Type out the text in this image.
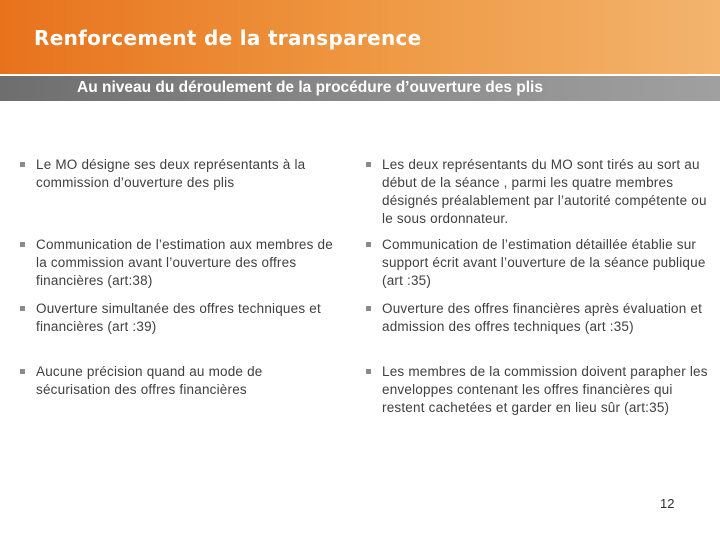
Renforcement de la transparence
Au niveau du déroulement de la procédure d’ouverture des plis
Le MO désigne ses deux représentants à la commission d’ouverture des plis
Communication de l’estimation aux membres de la commission avant l’ouverture des offres financières (art:38)
Ouverture simultanée des offres techniques et financières (art :39)
Aucune précision quand au mode de sécurisation des offres financières
Les deux représentants du MO sont tirés au sort au début de la séance , parmi les quatre membres désignés préalablement par l’autorité compétente ou le sous ordonnateur.
Communication de l’estimation détaillée établie sur support écrit avant l’ouverture de la séance publique (art :35)
Ouverture des offres financières après évaluation et admission des offres techniques (art :35)
Les membres de la commission doivent parapher les enveloppes contenant les offres financières qui restent cachetées et garder en lieu sûr (art:35)
12
